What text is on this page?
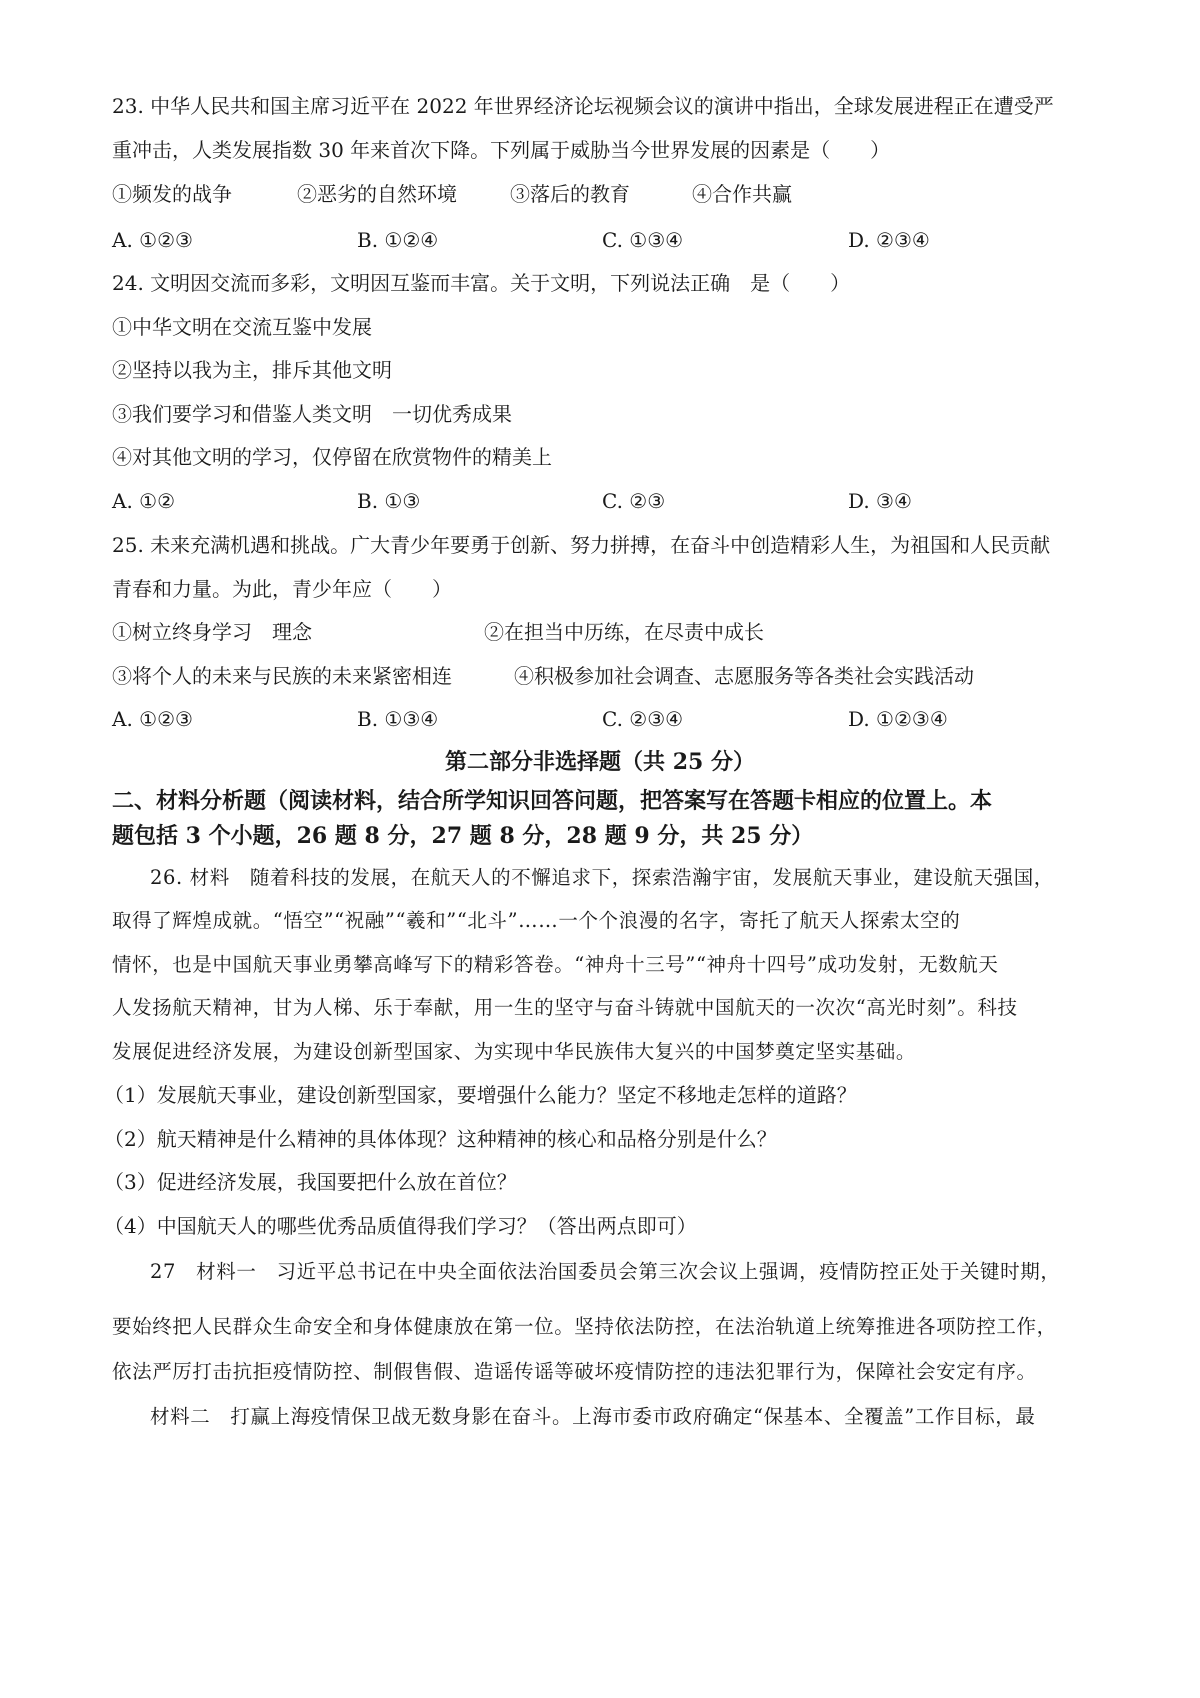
23. 中华人民共和国主席习近平在 2022 年世界经济论坛视频会议的演讲中指出，全球发展进程正在遭受严
重冲击，人类发展指数 30 年来首次下降。下列属于威胁当今世界发展的因素是（　　）
①频发的战争	②恶劣的自然环境	③落后的教育	④合作共赢
A. ①②③	B. ①②④	C. ①③④	D. ②③④
24. 文明因交流而多彩，文明因互鉴而丰富。关于文明，下列说法正确　是（　　）
①中华文明在交流互鉴中发展
②坚持以我为主，排斥其他文明
③我们要学习和借鉴人类文明　一切优秀成果
④对其他文明的学习，仅停留在欣赏物件的精美上
A. ①②	B. ①③	C. ②③	D. ③④
25. 未来充满机遇和挑战。广大青少年要勇于创新、努力拼搏，在奋斗中创造精彩人生，为祖国和人民贡献
青春和力量。为此，青少年应（　　）
①树立终身学习　理念	②在担当中历练，在尽责中成长
③将个人的未来与民族的未来紧密相连	④积极参加社会调查、志愿服务等各类社会实践活动
A. ①②③	B. ①③④	C. ②③④	D. ①②③④
第二部分非选择题（共 25 分）
二、材料分析题（阅读材料，结合所学知识回答问题，把答案写在答题卡相应的位置上。本
题包括 3 个小题，26 题 8 分，27 题 8 分，28 题 9 分，共 25 分）
26. 材料　随着科技的发展，在航天人的不懈追求下，探索浩瀚宇宙，发展航天事业，建设航天强国，
取得了辉煌成就。“悟空”“祝融”“羲和”“北斗”……一个个浪漫的名字，寄托了航天人探索太空的
情怀，也是中国航天事业勇攀高峰写下的精彩答卷。“神舟十三号”“神舟十四号”成功发射，无数航天
人发扬航天精神，甘为人梯、乐于奉献，用一生的坚守与奋斗铸就中国航天的一次次“高光时刻”。科技
发展促进经济发展，为建设创新型国家、为实现中华民族伟大复兴的中国梦奠定坚实基础。
（1）发展航天事业，建设创新型国家，要增强什么能力？坚定不移地走怎样的道路？
（2）航天精神是什么精神的具体体现？这种精神的核心和品格分别是什么？
（3）促进经济发展，我国要把什么放在首位？
（4）中国航天人的哪些优秀品质值得我们学习？（答出两点即可）
27　材料一　习近平总书记在中央全面依法治国委员会第三次会议上强调，疫情防控正处于关键时期，
要始终把人民群众生命安全和身体健康放在第一位。坚持依法防控，在法治轨道上统筹推进各项防控工作，
依法严厉打击抗拒疫情防控、制假售假、造谣传谣等破坏疫情防控的违法犯罪行为，保障社会安定有序。
材料二　打赢上海疫情保卫战无数身影在奋斗。上海市委市政府确定“保基本、全覆盖”工作目标，最
